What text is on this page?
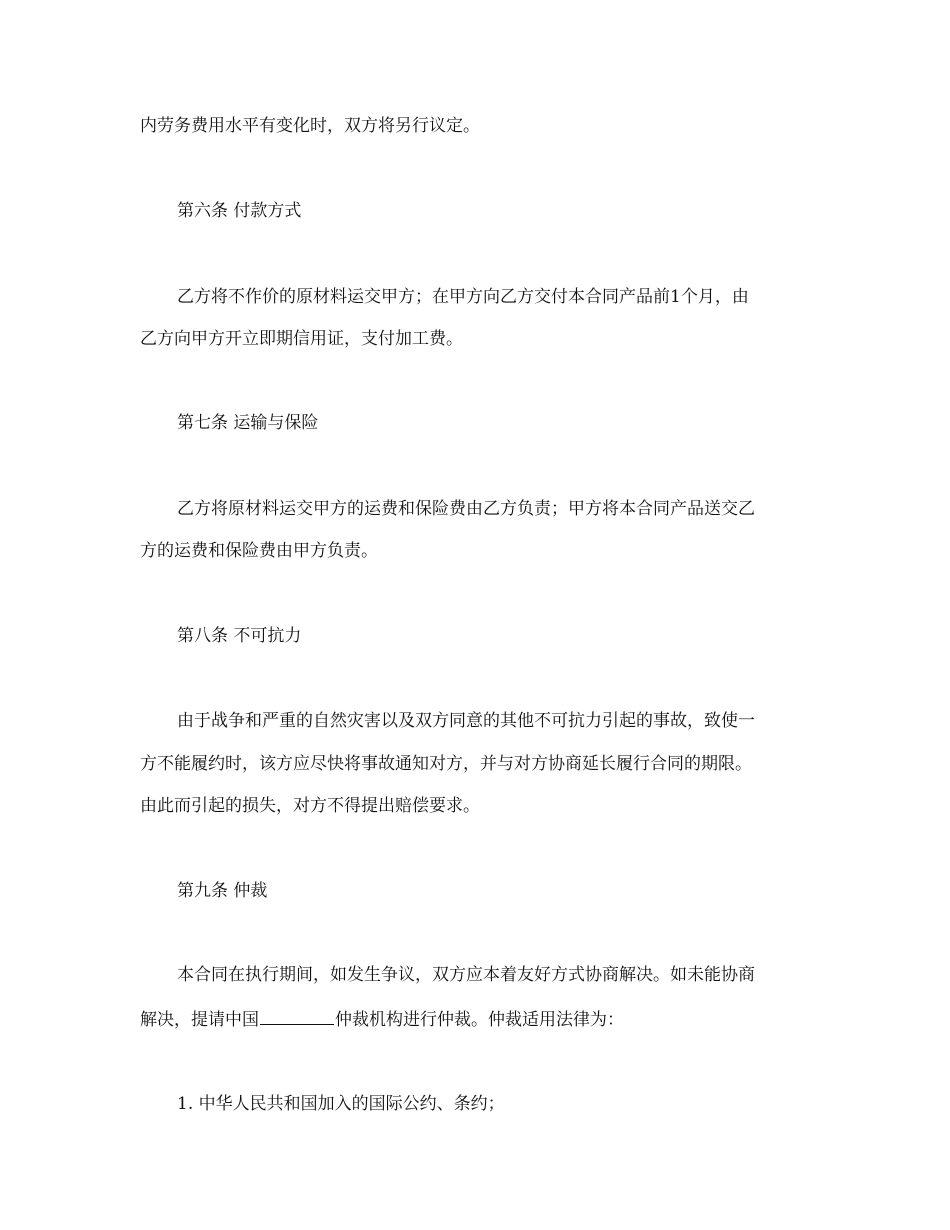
内劳务费用水平有变化时，双方将另行议定。

第六条 付款方式

乙方将不作价的原材料运交甲方；在甲方向乙方交付本合同产品前1个月，由

乙方向甲方开立即期信用证，支付加工费。

第七条 运输与保险

乙方将原材料运交甲方的运费和保险费由乙方负责；甲方将本合同产品送交乙

方的运费和保险费由甲方负责。

第八条 不可抗力

由于战争和严重的自然灾害以及双方同意的其他不可抗力引起的事故，致使一

方不能履约时，该方应尽快将事故通知对方，并与对方协商延长履行合同的期限。

由此而引起的损失，对方不得提出赔偿要求。

第九条 仲裁

本合同在执行期间，如发生争议，双方应本着友好方式协商解决。如未能协商

解决，提请中国	仲裁机构进行仲裁。仲裁适用法律为：

1. 中华人民共和国加入的国际公约、条约；
